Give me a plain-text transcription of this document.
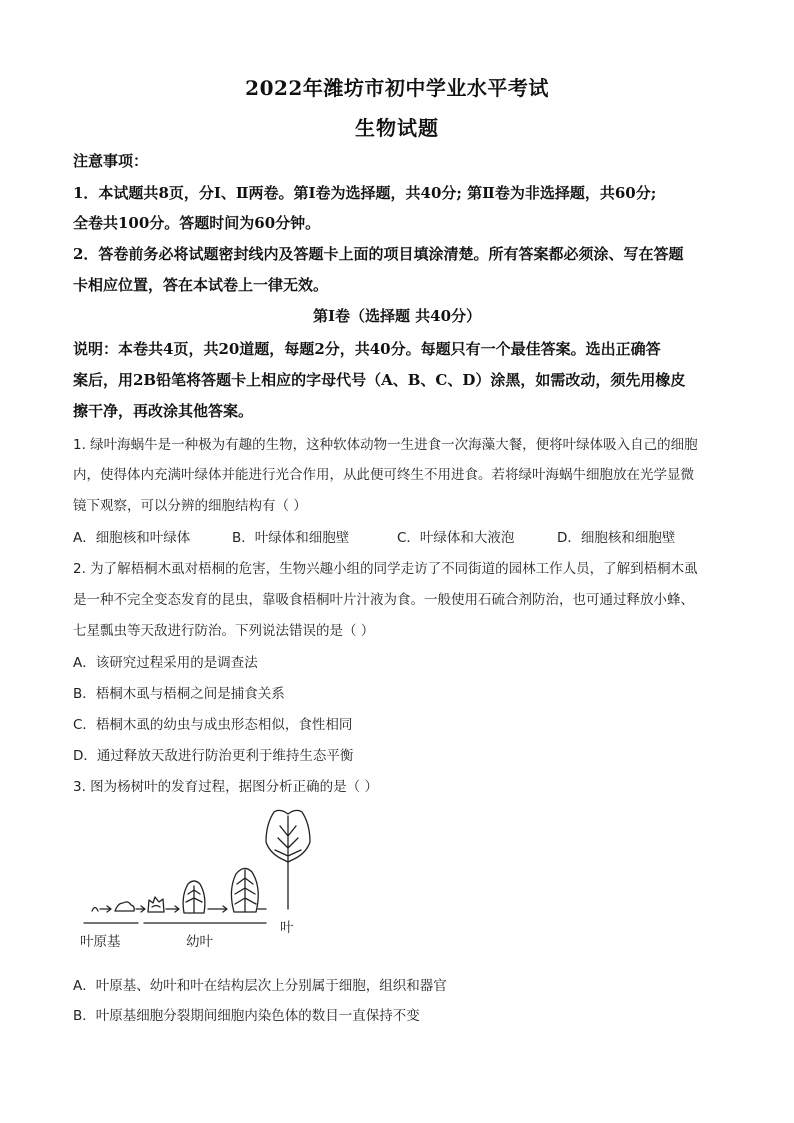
2022年潍坊市初中学业水平考试
生物试题
注意事项：
1．本试题共8页，分Ⅰ、Ⅱ两卷。第Ⅰ卷为选择题，共40分; 第Ⅱ卷为非选择题，共60分;
全卷共100分。答题时间为60分钟。
2．答卷前务必将试题密封线内及答题卡上面的项目填涂清楚。所有答案都必须涂、写在答题
卡相应位置，答在本试卷上一律无效。
第Ⅰ卷（选择题 共40分）
说明：本卷共4页，共20道题，每题2分，共40分。每题只有一个最佳答案。选出正确答
案后，用2B铅笔将答题卡上相应的字母代号（A、B、C、D）涂黑，如需改动，须先用橡皮
擦干净，再改涂其他答案。
1. 绿叶海蜗牛是一种极为有趣的生物，这种软体动物一生进食一次海藻大餐，便将叶绿体吸入自己的细胞
内，使得体内充满叶绿体并能进行光合作用，从此便可终生不用进食。若将绿叶海蜗牛细胞放在光学显微
镜下观察，可以分辨的细胞结构有（ ）
A．细胞核和叶绿体	B．叶绿体和细胞壁	C．叶绿体和大液泡	D．细胞核和细胞壁
2. 为了解梧桐木虱对梧桐的危害，生物兴趣小组的同学走访了不同街道的园林工作人员，了解到梧桐木虱
是一种不完全变态发育的昆虫，靠吸食梧桐叶片汁液为食。一般使用石硫合剂防治，也可通过释放小蜂、
七星瓢虫等天敌进行防治。下列说法错误的是（ ）
A．该研究过程采用的是调查法
B．梧桐木虱与梧桐之间是捕食关系
C．梧桐木虱的幼虫与成虫形态相似，食性相同
D．通过释放天敌进行防治更利于维持生态平衡
3. 图为杨树叶的发育过程，据图分析正确的是（ ）
叶原基	幼叶
叶
A．叶原基、幼叶和叶在结构层次上分别属于细胞，组织和器官
B．叶原基细胞分裂期间细胞内染色体的数目一直保持不变
